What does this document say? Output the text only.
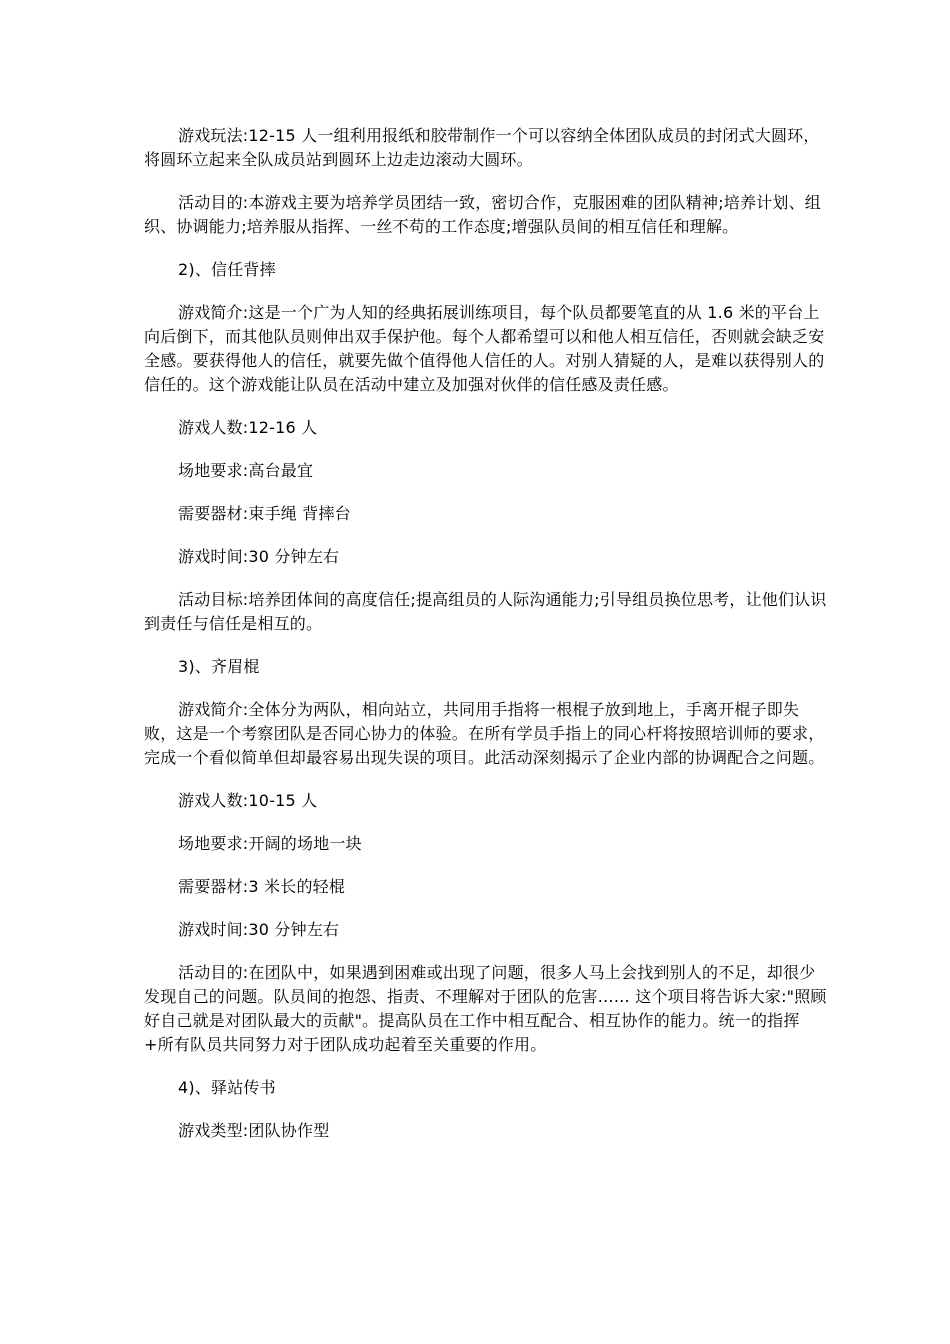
游戏玩法:12-15 人一组利用报纸和胶带制作一个可以容纳全体团队成员的封闭式大圆环，将圆环立起来全队成员站到圆环上边走边滚动大圆环。

活动目的:本游戏主要为培养学员团结一致，密切合作，克服困难的团队精神;培养计划、组织、协调能力;培养服从指挥、一丝不苟的工作态度;增强队员间的相互信任和理解。

2)、信任背摔

游戏简介:这是一个广为人知的经典拓展训练项目，每个队员都要笔直的从 1.6 米的平台上向后倒下，而其他队员则伸出双手保护他。每个人都希望可以和他人相互信任，否则就会缺乏安全感。要获得他人的信任，就要先做个值得他人信任的人。对别人猜疑的人，是难以获得别人的信任的。这个游戏能让队员在活动中建立及加强对伙伴的信任感及责任感。

游戏人数:12-16 人

场地要求:高台最宜

需要器材:束手绳 背摔台

游戏时间:30 分钟左右

活动目标:培养团体间的高度信任;提高组员的人际沟通能力;引导组员换位思考，让他们认识到责任与信任是相互的。

3)、齐眉棍

游戏简介:全体分为两队，相向站立，共同用手指将一根棍子放到地上，手离开棍子即失败，这是一个考察团队是否同心协力的体验。在所有学员手指上的同心杆将按照培训师的要求，完成一个看似简单但却最容易出现失误的项目。此活动深刻揭示了企业内部的协调配合之问题。

游戏人数:10-15 人

场地要求:开阔的场地一块

需要器材:3 米长的轻棍

游戏时间:30 分钟左右

活动目的:在团队中，如果遇到困难或出现了问题，很多人马上会找到别人的不足，却很少发现自己的问题。队员间的抱怨、指责、不理解对于团队的危害…… 这个项目将告诉大家:"照顾好自己就是对团队最大的贡献"。提高队员在工作中相互配合、相互协作的能力。统一的指挥+所有队员共同努力对于团队成功起着至关重要的作用。

4)、驿站传书

游戏类型:团队协作型
